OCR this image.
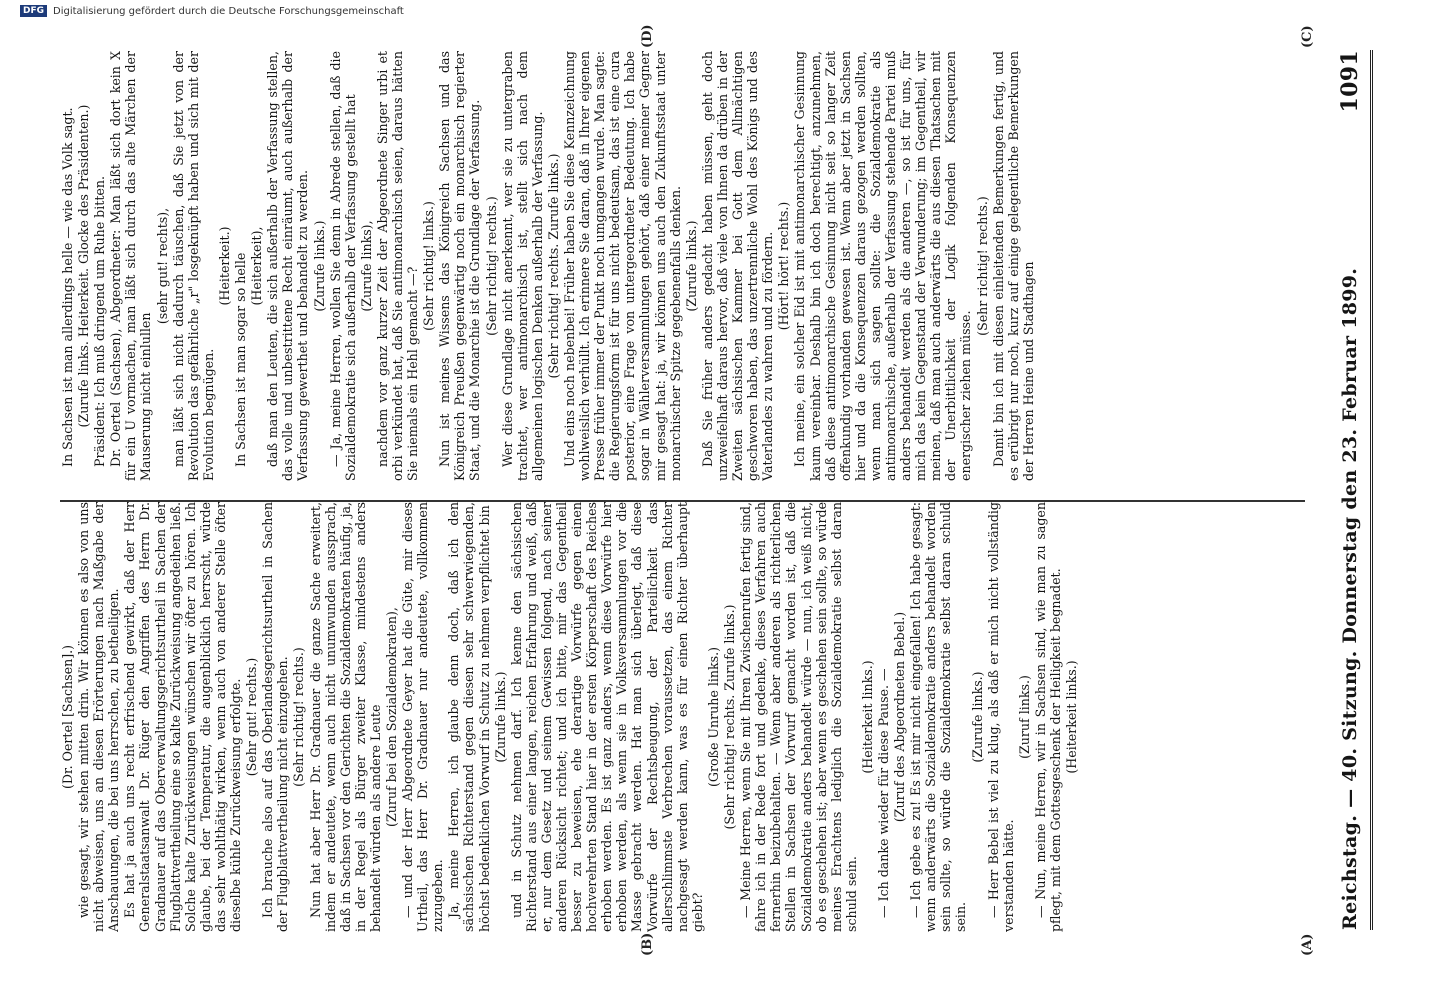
Reichstag. — 40. Sitzung. Donnerstag den 23. Februar 1899.
1091

(Dr. Oertel [Sachsen].) wie gesagt, wir stehen mitten drin. Wir können es also von uns nicht abweisen, uns an diesen Erörterungen nach Maßgabe der Anschauungen, die bei uns herrschen, zu betheiligen. Es hat ja auch uns recht erfrischend gewirkt, daß der Herr Generalstaatsanwalt Dr. Rüger den Angriffen des Herrn Dr. Gradnauer auf das Oberverwaltungsgerichtsurtheil in Sachen der Flugblattvertheilung eine so kalte Zurückweisung angedeihen ließ. Solche kalte Zurückweisungen wünschen wir öfter zu hören. Ich glaube, bei der Temperatur, die augenblicklich herrscht, würde das sehr wohlthätig wirken, wenn auch von anderer Stelle öfter dieselbe kühle Zurückweisung erfolgte. (Sehr gut! rechts.) Ich brauche also auf das Oberlandesgerichtsurtheil in Sachen der Flugblattvertheilung nicht einzugehen. (Sehr richtig! rechts.) Nun hat aber Herr Dr. Gradnauer die ganze Sache erweitert, indem er andeutete, wenn auch nicht unumwunden aussprach, daß in Sachsen vor den Gerichten die Sozialdemokraten häufig, ja, in der Regel als Bürger zweiter Klasse, mindestens anders behandelt würden als andere Leute (Zuruf bei den Sozialdemokraten), — und der Herr Abgeordnete Geyer hat die Güte, mir dieses Urtheil, das Herr Dr. Gradnauer nur andeutete, vollkommen zuzugeben. Ja, meine Herren, ich glaube denn doch, daß ich den sächsischen Richterstand gegen diesen sehr schwerwiegenden, höchst bedenklichen Vorwurf in Schutz zu nehmen verpflichtet bin (Zurufe links.) und in Schutz nehmen darf. Ich kenne den sächsischen Richterstand aus einer langen, reichen Erfahrung und weiß, daß er, nur dem Gesetz und seinem Gewissen folgend, nach seiner anderen Rücksicht richtet; und ich bitte, mir das Gegentheil besser zu beweisen, ehe derartige Vorwürfe gegen einen hochverehrten Stand hier in der ersten Körperschaft des Reiches erhoben werden. Es ist ganz anders, wenn diese Vorwürfe hier erhoben werden, als wenn sie in Volksversammlungen vor die Masse gebracht werden. Hat man sich überlegt, daß diese Vorwürfe der Rechtsbeugung, der Parteilichkeit das allerschlimmste Verbrechen voraussetzen, das einem Richter nachgesagt werden kann, was es für einen Richter überhaupt giebt?

(Große Unruhe links.) (Sehr richtig! rechts. Zurufe links.) — Meine Herren, wenn Sie mit Ihren Zwischenrufen fertig sind, fahre ich in der Rede fort und gedenke, dieses Verfahren auch fernerhin beizubehalten. — Wenn aber anderen als richterlichen Stellen in Sachsen der Vorwurf gemacht worden ist, daß die Sozialdemokratie anders behandelt würde — nun, ich weiß nicht, ob es geschehen ist; aber wenn es geschehen sein sollte, so würde meines Erachtens lediglich die Sozialdemokratie selbst daran schuld sein.

(Heiterkeit links.) — Ich danke wieder für diese Pause. — (Zuruf des Abgeordneten Bebel.) — Ich gebe es zu! Es ist mir nicht eingefallen! Ich habe gesagt: wenn anderwärts die Sozialdemokratie anders behandelt worden sein sollte, so würde die Sozialdemokratie selbst daran schuld sein.

(Zurufe links.) — Herr Bebel ist viel zu klug, als daß er mich nicht vollständig verstanden hätte.

(Zuruf links.) — Nun, meine Herren, wir in Sachsen sind, wie man zu sagen pflegt, mit dem Gottesgeschenk der Heiligkeit begnadet. (Heiterkeit links.)

In Sachsen ist man allerdings helle — wie das Volk sagt. (Zurufe links. Heiterkeit. Glocke des Präsidenten.) Präsident: Ich muß dringend um Ruhe bitten. Dr. Oertel (Sachsen), Abgeordneter: Man läßt sich dort kein X für ein U vormachen, man läßt sich durch das alte Märchen der Mauserung nicht einlullen

(sehr gut! rechts), man läßt sich nicht dadurch täuschen, daß Sie jetzt von der Revolution das gefährliche „r" losgeknüpft haben und sich mit der Evolution begnügen.

(Heiterkeit.) In Sachsen ist man sogar so helle (Heiterkeit), daß man den Leuten, die sich außerhalb der Verfassung stellen, das volle und unbestrittene Recht einräumt, auch außerhalb der Verfassung gewerthet und behandelt zu werden. (Zurufe links.) — Ja, meine Herren, wollen Sie denn in Abrede stellen, daß die Sozialdemokratie sich außerhalb der Verfassung gestellt hat (Zurufe links), nachdem vor ganz kurzer Zeit der Abgeordnete Singer urbi et orbi verkündet hat, daß Sie antimonarchisch seien, daraus hätten Sie niemals ein Hehl gemacht —?

(Sehr richtig! links.) Nun ist meines Wissens das Königreich Sachsen und das Königreich Preußen gegenwärtig noch ein monarchisch regierter Staat, und die Monarchie ist die Grundlage der Verfassung. (Sehr richtig! rechts.) Wer diese Grundlage nicht anerkennt, wer sie zu untergraben trachtet, wer antimonarchisch ist, stellt sich nach dem allgemeinen logischen Denken außerhalb der Verfassung. (Sehr richtig! rechts. Zurufe links.) Und eins noch nebenbei! Früher haben Sie diese Kennzeichnung wohlweislich verhüllt. Ich erinnere Sie daran, daß in Ihrer eigenen Presse früher immer der Punkt noch umgangen wurde. Man sagte: die Regierungsform ist für uns nicht bedeutsam, das ist eine cura posterior, eine Frage von untergeordneter Bedeutung. Ich habe sogar in Wählerversammlungen gehört, daß einer meiner Gegner mir gesagt hat: ja, wir können uns auch den Zukunftsstaat unter monarchischer Spitze gegebenenfalls denken. (Zurufe links.) Daß Sie früher anders gedacht haben müssen, geht doch unzweifelhaft daraus hervor, daß viele von Ihnen da drüben in der Zweiten sächsischen Kammer bei Gott dem Allmächtigen geschworen haben, das unzertrennliche Wohl des Königs und des Vaterlandes zu wahren und zu fördern. (Hört! hört! rechts.) Ich meine, ein solcher Eid ist mit antimonarchischer Gesinnung kaum vereinbar. Deshalb bin ich doch berechtigt, anzunehmen, daß diese antimonarchische Gesinnung nicht seit so langer Zeit offenkundig vorhanden gewesen ist. Wenn aber jetzt in Sachsen hier und da die Konsequenzen daraus gezogen werden sollten, wenn man sich sagen sollte: die Sozialdemokratie als antimonarchische, außerhalb der Verfassung stehende Partei muß anders behandelt werden als die anderen —, so ist für uns, für mich das kein Gegenstand der Verwunderung; im Gegentheil, wir meinen, daß man auch anderwärts die aus diesen Thatsachen mit der Unerbittlichkeit der Logik folgenden Konsequenzen energischer ziehen müsse.

(Sehr richtig! rechts.) Damit bin ich mit diesen einleitenden Bemerkungen fertig, und es erübrigt nur noch, kurz auf einige gelegentliche Bemerkungen der Herren Heine und Stadthagen

(A)
(B)
(C)
(D)
DFG Digitalisierung gefördert durch die Deutsche Forschungsgemeinschaft
